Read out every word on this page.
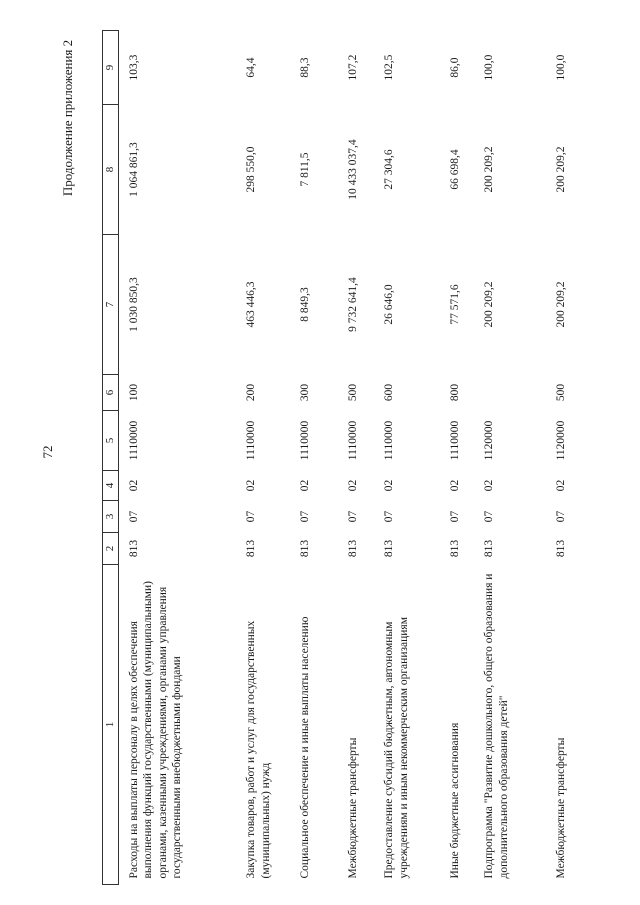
72
Продолжение приложения 2
1	2	3	4	5	6	7	8	9
Расходы на выплаты персоналу в целях обеспечения выполнения функций государственными (муниципальными) органами, казенными учреждениями, органами управления государственными внебюджетными фондами	813	07	02	1110000	100	1 030 850,3	1 064 861,3	103,3
Закупка товаров, работ и услуг для государственных (муниципальных) нужд	813	07	02	1110000	200	463 446,3	298 550,0	64,4
Социальное обеспечение и иные выплаты населению	813	07	02	1110000	300	8 849,3	7 811,5	88,3
Межбюджетные трансферты	813	07	02	1110000	500	9 732 641,4	10 433 037,4	107,2
Предоставление субсидий бюджетным, автономным учреждениям и иным некоммерческим организациям	813	07	02	1110000	600	26 646,0	27 304,6	102,5
Иные бюджетные ассигнования	813	07	02	1110000	800	77 571,6	66 698,4	86,0
Подпрограмма "Развитие дошкольного, общего образования и дополнительного образования детей"	813	07	02	1120000		200 209,2	200 209,2	100,0
Межбюджетные трансферты	813	07	02	1120000	500	200 209,2	200 209,2	100,0
